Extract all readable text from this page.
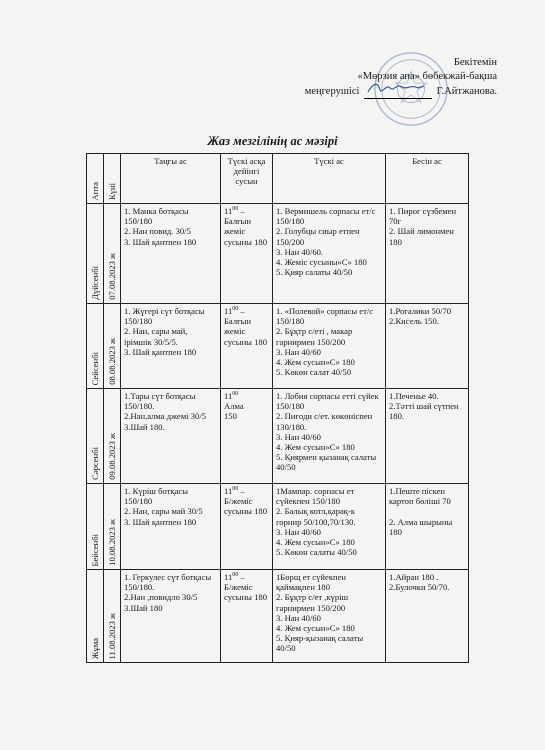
Бекітемін
«Мөрзия апа» бөбекжай-бақша
меңгерушісі	Г.Айтжанова.
Жаз мезгілінің ас мәзірі
Апта	Күні	Таңғы ас	Түскі асқа дейінгі сусын	Түскі ас	Бесін ас

Дүйсенбі	07.08.2023 ж	1. Манка ботқасы 150/180
2. Нан повид. 30/5
3. Шай қантпен 180	$11^{00}$ –
Балғын жеміс сусыны 180	1. Вермишель сорпасы ет/с 150/180
2. Голубцы сиыр етпен 150/200
3. Нан 40/60.
4. Жеміс сусыны»С» 180
5. Қияр салаты 40/50	1. Пирог сүзбемен 70г
2. Шай лимонмен 180

Сейсенбі	08.08.2023 ж	1. Жүгері сүт ботқасы 150/180
2. Нан, сары май, ірімшік 30/5/5.
3. Шай қантпен 180	$11^{00}$ –
Балғын жеміс сусыны 180	1. «Полевой» сорпасы ет/с 150/180
2. Бұқтр с/еті , макар гарнирмен 150/200
3. Нан 40/60
4. Жем сусын»С» 180
5. Көкөн салат 40/50	1.Рогалики 50/70
2.Кисель 150.

Сәрсенбі	09.08.2023 ж	1.Тары сүт ботқасы 150/180.
2.Нан,алма джемі 30/5
3.Шай 180.	$11^{00}$
Алма
150	1. Лобия сорпасы етті сүйек 150/180
2. Пиғоди с/ет. көкөніспен 130/180.
3. Нан 40/60
4. Жем сусын»С» 180
5. Қиярмен қызанақ салаты 40/50	1.Печенье 40.
2.Тәтті шай сүтпен 180.

Бейсенбі	10.08.2023 ж	1. Күріш ботқасы 150/180
2. Нан, сары май 30/5
3. Шай қантпен 180	$11^{00}$ –
Б/жеміс сусыны 180	1Мампар. сорпасы ет сүйекпен 150/180
2. Балық котл,қарақ-к горнир 50/100,70/130.
3. Нан 40/60
4. Жем сусын»С» 180
5. Көкөн салаты 40/50	1.Пеште піскен картоп бөліші 70

2. Алма шырыны 180

Жұма	11.08.2023 ж	1. Геркулес сүт ботқасы 150/180.
2.Нан ,повидло 30/5
3.Шай 180	$11^{00}$ –
Б/жеміс сусыны 180	1Борщ ет сүйекпен қаймақпен 180
2. Бұқтр с/ет ,күріш гарнирмен 150/200
3. Нан 40/60
4. Жем сусын»С» 180
5. Қияр-қызанақ салаты 40/50	1.Айран 180 .
2.Булочки 50/70.
